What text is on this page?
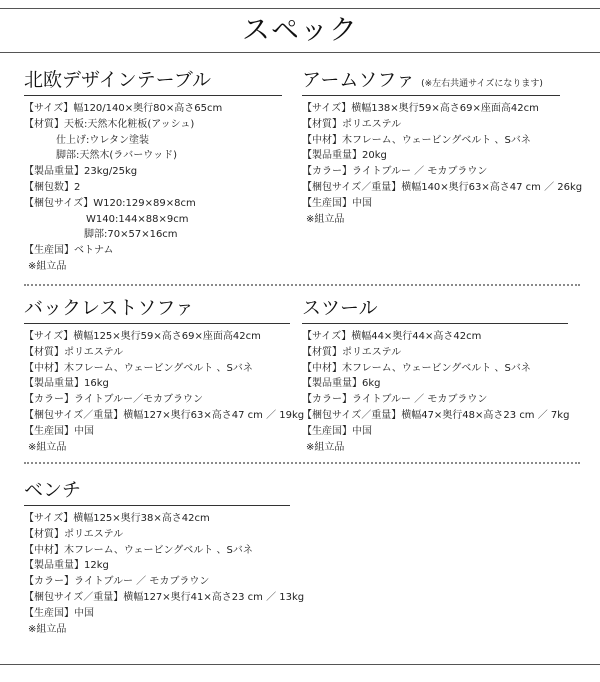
スペック
北欧デザインテーブル
【サイズ】幅120/140×奥行80×高さ65cm
【材質】天板:天然木化粧板(アッシュ)
仕上げ:ウレタン塗装
脚部:天然木(ラバーウッド)
【製品重量】23kg/25kg
【梱包数】2
【梱包サイズ】W120:129×89×8cm
W140:144×88×9cm
脚部:70×57×16cm
【生産国】ベトナム
※組立品
アームソファ (※左右共通サイズになります)
【サイズ】横幅138×奥行59×高さ69×座面高42cm
【材質】ポリエステル
【中材】木フレーム、ウェービングベルト 、Sバネ
【製品重量】20kg
【カラー】ライトブルー ／ モカブラウン
【梱包サイズ／重量】横幅140×奥行63×高さ47 cm ／ 26kg
【生産国】中国
※組立品
バックレストソファ
【サイズ】横幅125×奥行59×高さ69×座面高42cm
【材質】ポリエステル
【中材】木フレーム、ウェービングベルト 、Sバネ
【製品重量】16kg
【カラー】ライトブルー／モカブラウン
【梱包サイズ／重量】横幅127×奥行63×高さ47 cm ／ 19kg
【生産国】中国
※組立品
スツール
【サイズ】横幅44×奥行44×高さ42cm
【材質】ポリエステル
【中材】木フレーム、ウェービングベルト 、Sバネ
【製品重量】6kg
【カラー】ライトブルー ／ モカブラウン
【梱包サイズ／重量】横幅47×奥行48×高さ23 cm ／ 7kg
【生産国】中国
※組立品
ベンチ
【サイズ】横幅125×奥行38×高さ42cm
【材質】ポリエステル
【中材】木フレーム、ウェービングベルト 、Sバネ
【製品重量】12kg
【カラー】ライトブルー ／ モカブラウン
【梱包サイズ／重量】横幅127×奥行41×高さ23 cm ／ 13kg
【生産国】中国
※組立品
